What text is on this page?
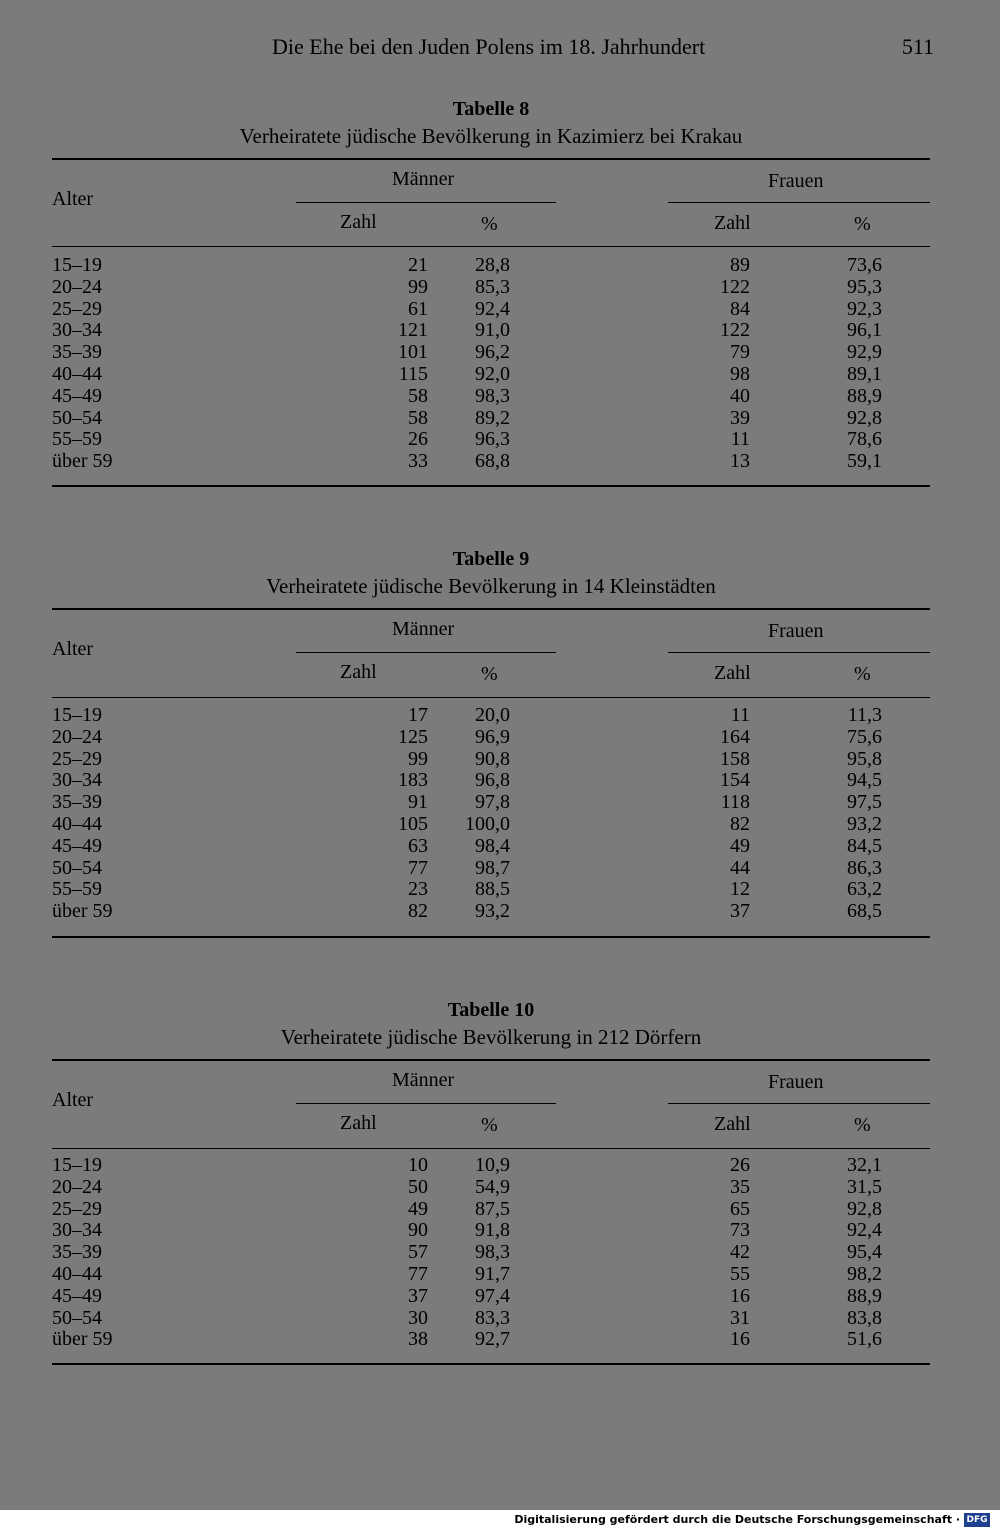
Die Ehe bei den Juden Polens im 18. Jahrhundert	511
Tabelle 8
Verheiratete jüdische Bevölkerung in Kazimierz bei Krakau
Alter
Männer	Frauen
Zahl	%	Zahl	%
15–19	21 28,8	89	73,6
20–24	99 85,3	122	95,3
25–29	61 92,4	84	92,3
30–34	121 91,0	122	96,1
35–39	101 96,2	79	92,9
40–44	115 92,0	98	89,1
45–49	58 98,3	40	88,9
50–54	58 89,2	39	92,8
55–59	26 96,3	11	78,6
über 59	33 68,8	13	59,1
Tabelle 9
Verheiratete jüdische Bevölkerung in 14 Kleinstädten
Alter
Männer	Frauen
Zahl	%	Zahl	%
15–19	17 20,0	11	11,3
20–24	125 96,9	164	75,6
25–29	99 90,8	158	95,8
30–34	183 96,8	154	94,5
35–39	91 97,8	118	97,5
40–44	105 100,0	82	93,2
45–49	63 98,4	49	84,5
50–54	77 98,7	44	86,3
55–59	23 88,5	12	63,2
über 59	82 93,2	37	68,5
Tabelle 10
Verheiratete jüdische Bevölkerung in 212 Dörfern
Alter
Männer	Frauen
Zahl	%	Zahl	%
15–19	10 10,9	26	32,1
20–24	50 54,9	35	31,5
25–29	49 87,5	65	92,8
30–34	90 91,8	73	92,4
35–39	57 98,3	42	95,4
40–44	77 91,7	55	98,2
45–49	37 97,4	16	88,9
50–54	30 83,3	31	83,8
über 59	38 92,7	16	51,6
Digitalisierung gefördert durch die Deutsche Forschungsgemeinschaft · DFG
